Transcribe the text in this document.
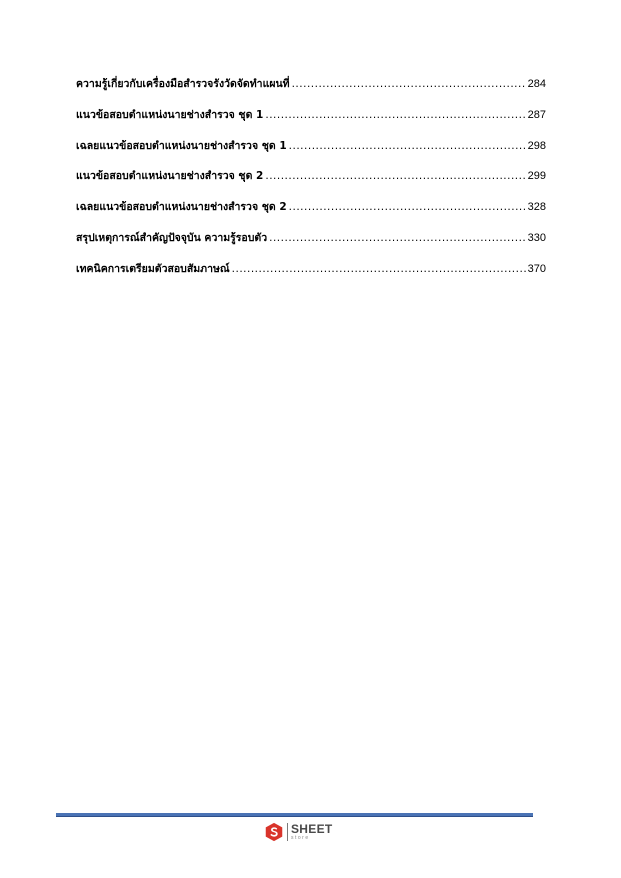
ความรู้เกี่ยวกับเครื่องมือสำรวจรังวัดจัดทำแผนที่ .....	284
แนวข้อสอบตำแหน่งนายช่างสำรวจ ชุด 1 .....	287
เฉลยแนวข้อสอบตำแหน่งนายช่างสำรวจ ชุด 1 .....	298
แนวข้อสอบตำแหน่งนายช่างสำรวจ ชุด 2 .....	299
เฉลยแนวข้อสอบตำแหน่งนายช่างสำรวจ ชุด 2 .....	328
สรุปเหตุการณ์สำคัญปัจจุบัน ความรู้รอบตัว .....	330
เทคนิคการเตรียมตัวสอบสัมภาษณ์ .....	370
SHEET
store
